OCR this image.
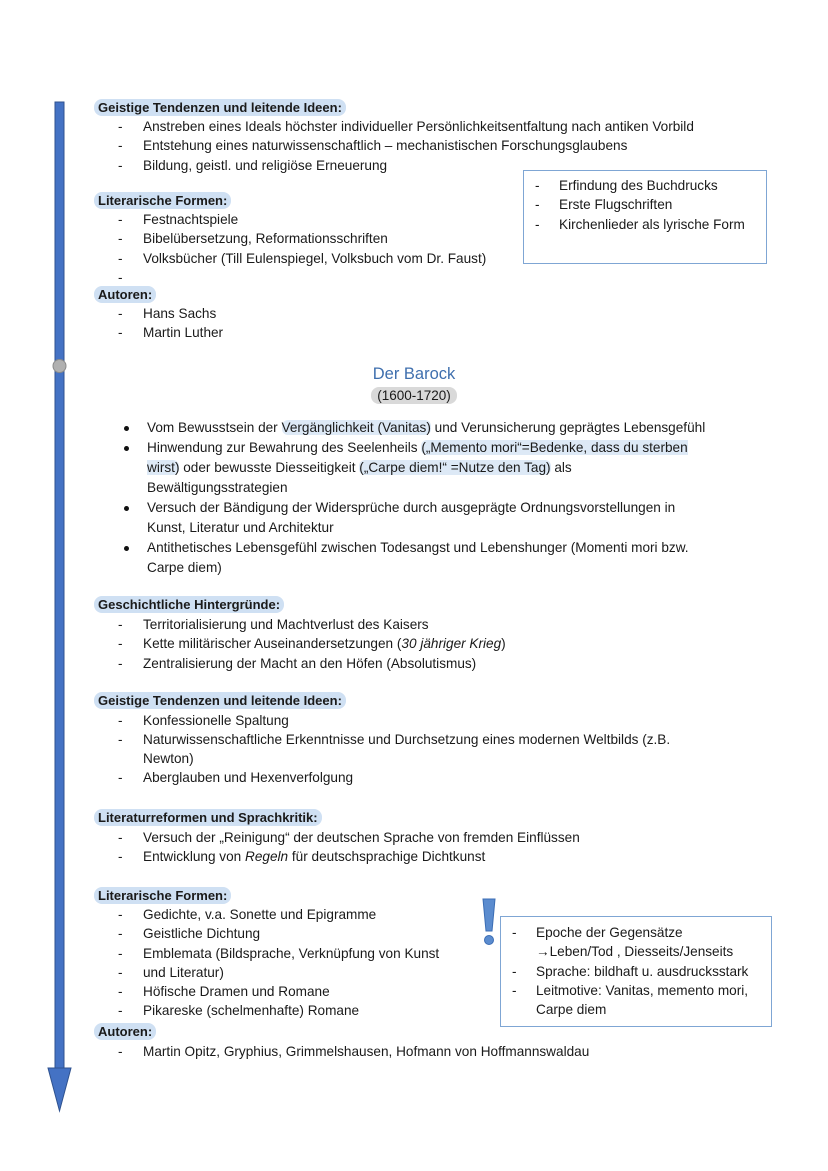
Geistige Tendenzen und leitende Ideen:
- Anstreben eines Ideals höchster individueller Persönlichkeitsentfaltung nach antiken Vorbild
- Entstehung eines naturwissenschaftlich – mechanistischen Forschungsglaubens
- Bildung, geistl. und religiöse Erneuerung
Literarische Formen:
- Festnachtspiele
- Bibelübersetzung, Reformationsschriften
- Volksbücher (Till Eulenspiegel, Volksbuch vom Dr. Faust)
-
- Erfindung des Buchdrucks
- Erste Flugschriften
- Kirchenlieder als lyrische Form
Autoren:
- Hans Sachs
- Martin Luther
Der Barock
(1600-1720)
Vom Bewusstsein der Vergänglichkeit (Vanitas) und Verunsicherung geprägtes Lebensgefühl
Hinwendung zur Bewahrung des Seelenheils („Memento mori“=Bedenke, dass du sterben wirst) oder bewusste Diesseitigkeit („Carpe diem!“ =Nutze den Tag) als Bewältigungsstrategien
Versuch der Bändigung der Widersprüche durch ausgeprägte Ordnungsvorstellungen in Kunst, Literatur und Architektur
Antithetisches Lebensgefühl zwischen Todesangst und Lebenshunger (Momenti mori bzw. Carpe diem)
Geschichtliche Hintergründe:
- Territorialisierung und Machtverlust des Kaisers
- Kette militärischer Auseinandersetzungen (30 jähriger Krieg)
- Zentralisierung der Macht an den Höfen (Absolutismus)
Geistige Tendenzen und leitende Ideen:
- Konfessionelle Spaltung
- Naturwissenschaftliche Erkenntnisse und Durchsetzung eines modernen Weltbilds (z.B. Newton)
- Aberglauben und Hexenverfolgung
Literaturreformen und Sprachkritik:
- Versuch der „Reinigung“ der deutschen Sprache von fremden Einflüssen
- Entwicklung von Regeln für deutschsprachige Dichtkunst
Literarische Formen:
- Gedichte, v.a. Sonette und Epigramme
- Geistliche Dichtung
- Emblemata (Bildsprache, Verknüpfung von Kunst
- und Literatur)
- Höfische Dramen und Romane
- Pikareske (schelmenhafte) Romane
- Epoche der Gegensätze
→Leben/Tod , Diesseits/Jenseits
- Sprache: bildhaft u. ausdrucksstark
- Leitmotive: Vanitas, memento mori, Carpe diem
Autoren:
- Martin Opitz, Gryphius, Grimmelshausen, Hofmann von Hoffmannswaldau
